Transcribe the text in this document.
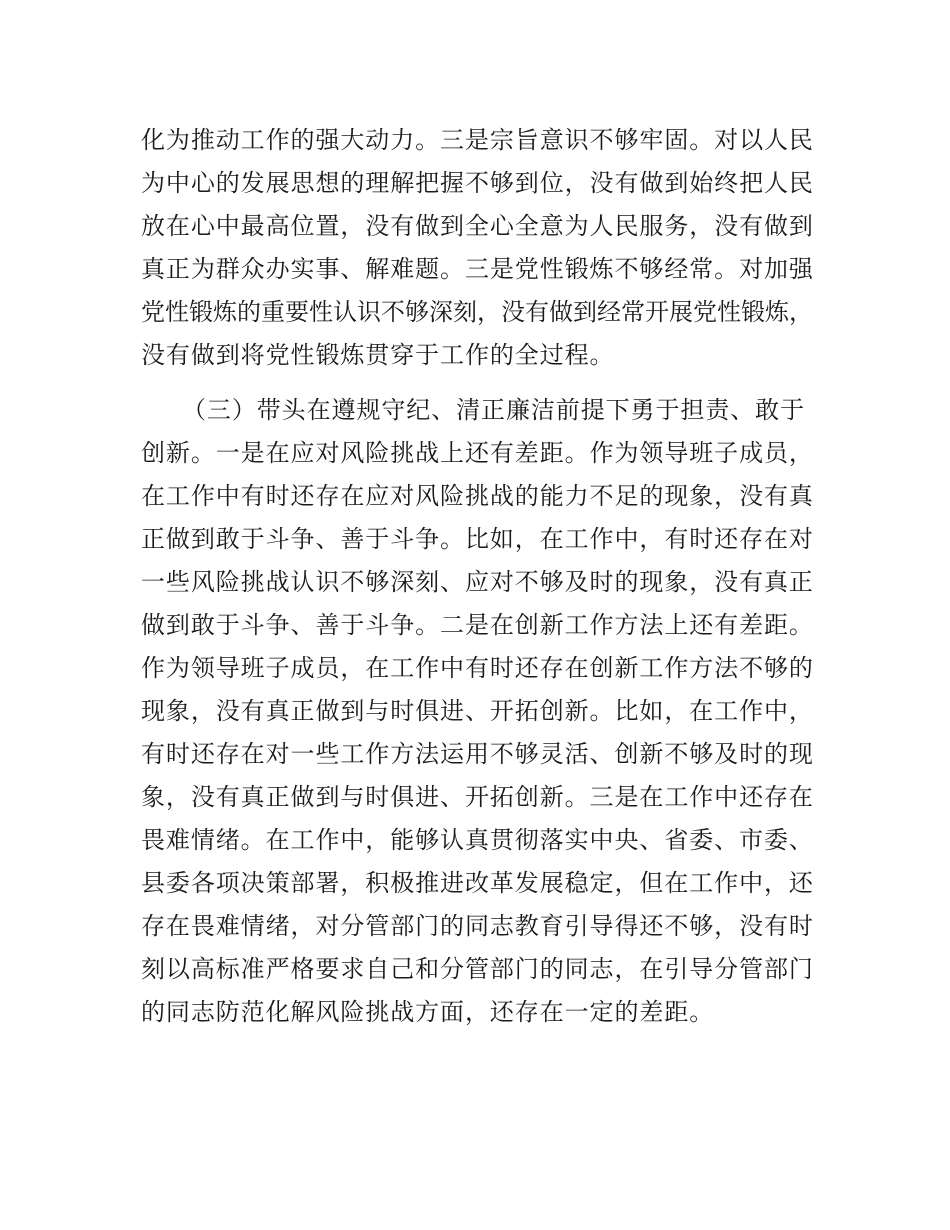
化为推动工作的强大动力。三是宗旨意识不够牢固。对以人民
为中心的发展思想的理解把握不够到位，没有做到始终把人民
放在心中最高位置，没有做到全心全意为人民服务，没有做到
真正为群众办实事、解难题。三是党性锻炼不够经常。对加强
党性锻炼的重要性认识不够深刻，没有做到经常开展党性锻炼，
没有做到将党性锻炼贯穿于工作的全过程。
（三）带头在遵规守纪、清正廉洁前提下勇于担责、敢于
创新。一是在应对风险挑战上还有差距。作为领导班子成员，
在工作中有时还存在应对风险挑战的能力不足的现象，没有真
正做到敢于斗争、善于斗争。比如，在工作中，有时还存在对
一些风险挑战认识不够深刻、应对不够及时的现象，没有真正
做到敢于斗争、善于斗争。二是在创新工作方法上还有差距。
作为领导班子成员，在工作中有时还存在创新工作方法不够的
现象，没有真正做到与时俱进、开拓创新。比如，在工作中，
有时还存在对一些工作方法运用不够灵活、创新不够及时的现
象，没有真正做到与时俱进、开拓创新。三是在工作中还存在
畏难情绪。在工作中，能够认真贯彻落实中央、省委、市委、
县委各项决策部署，积极推进改革发展稳定，但在工作中，还
存在畏难情绪，对分管部门的同志教育引导得还不够，没有时
刻以高标准严格要求自己和分管部门的同志，在引导分管部门
的同志防范化解风险挑战方面，还存在一定的差距。
